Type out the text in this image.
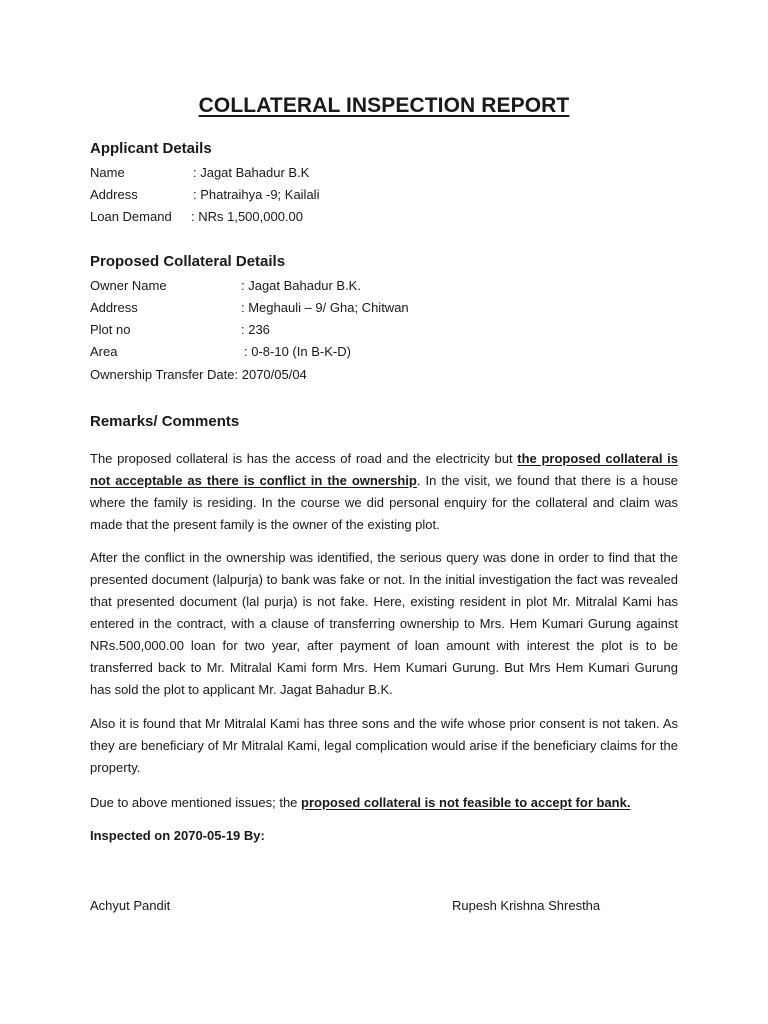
COLLATERAL INSPECTION REPORT
Applicant Details
Name	: Jagat Bahadur B.K
Address	: Phatraihya -9; Kailali
Loan Demand : NRs 1,500,000.00
Proposed Collateral Details
Owner Name	: Jagat Bahadur B.K.
Address	: Meghauli – 9/ Gha; Chitwan
Plot no	: 236
Area	: 0-8-10 (In B-K-D)
Ownership Transfer Date: 2070/05/04
Remarks/ Comments

The proposed collateral is has the access of road and the electricity but the proposed collateral is not acceptable as there is conflict in the ownership. In the visit, we found that there is a house where the family is residing. In the course we did personal enquiry for the collateral and claim was made that the present family is the owner of the existing plot.

After the conflict in the ownership was identified, the serious query was done in order to find that the presented document (lalpurja) to bank was fake or not. In the initial investigation the fact was revealed that presented document (lal purja) is not fake. Here, existing resident in plot Mr. Mitralal Kami has entered in the contract, with a clause of transferring ownership to Mrs. Hem Kumari Gurung against NRs.500,000.00 loan for two year, after payment of loan amount with interest the plot is to be transferred back to Mr. Mitralal Kami form Mrs. Hem Kumari Gurung. But Mrs Hem Kumari Gurung has sold the plot to applicant Mr. Jagat Bahadur B.K.

Also it is found that Mr Mitralal Kami has three sons and the wife whose prior consent is not taken. As they are beneficiary of Mr Mitralal Kami, legal complication would arise if the beneficiary claims for the property.

Due to above mentioned issues; the proposed collateral is not feasible to accept for bank.

Inspected on 2070-05-19 By:
Achyut Pandit	Rupesh Krishna Shrestha
